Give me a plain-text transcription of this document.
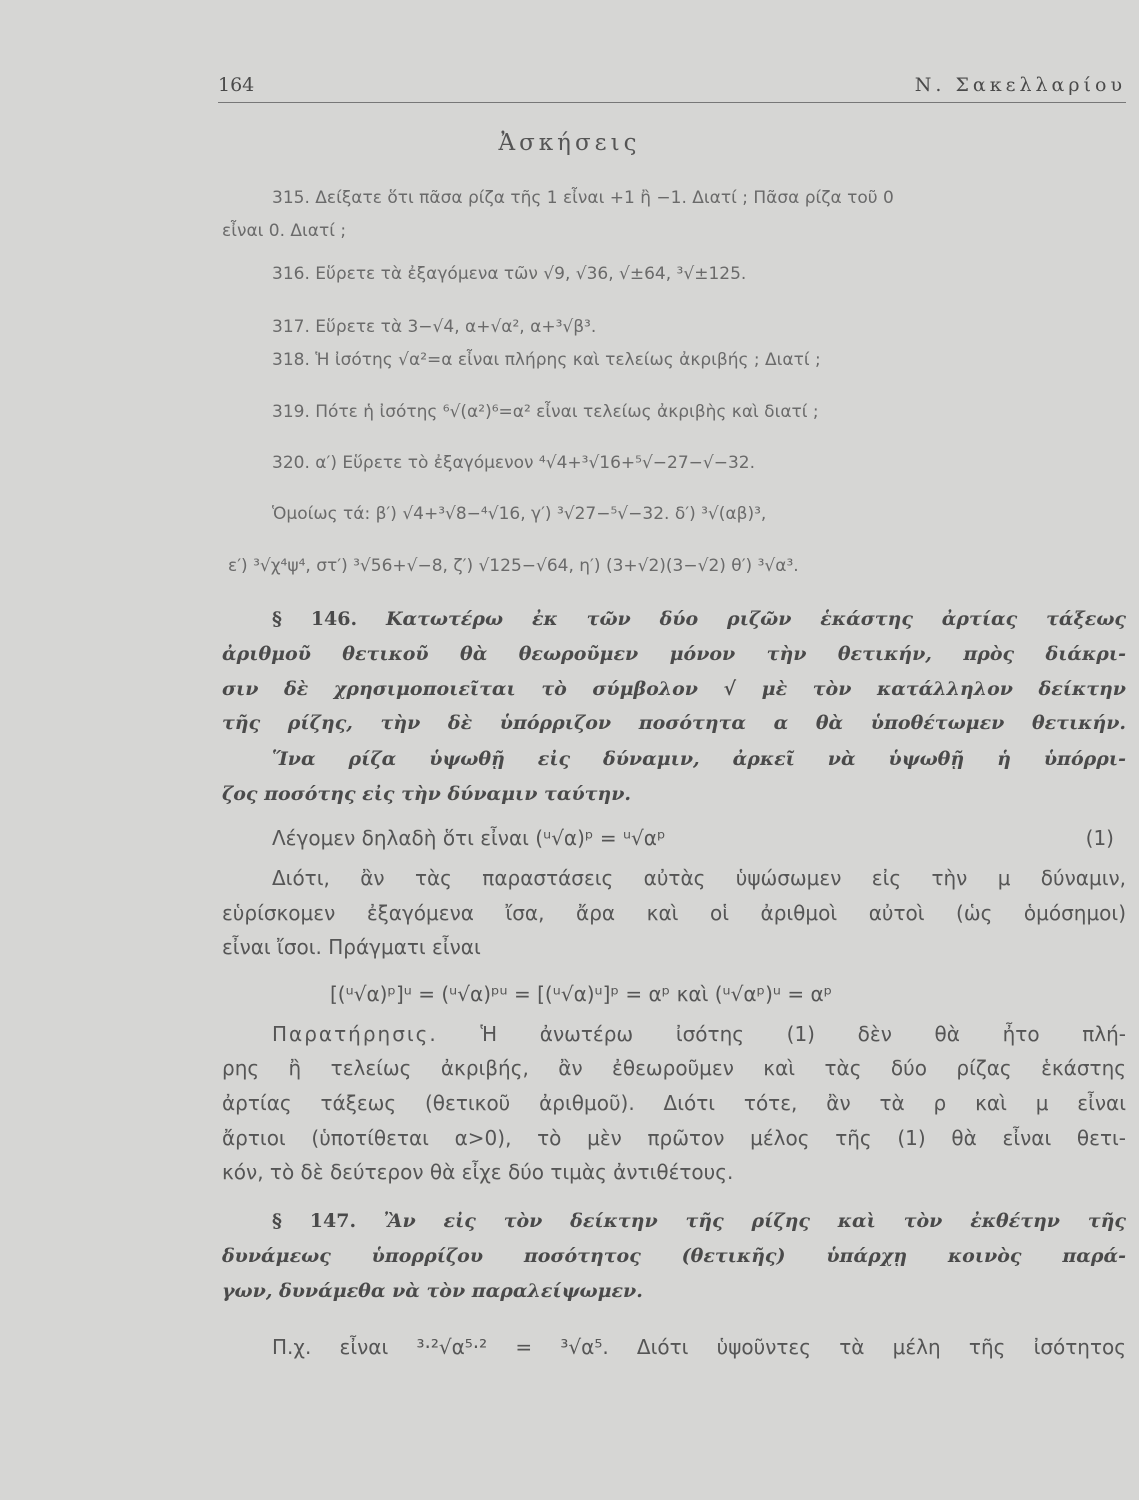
164	Ν. Σακελλαρίου
Ἀσκήσεις
315. Δείξατε ὅτι πᾶσα ρίζα τῆς 1 εἶναι +1 ἢ −1. Διατί ; Πᾶσα ρίζα τοῦ 0
εἶναι 0. Διατί ;
316. Εὕρετε τὰ ἐξαγόμενα τῶν √9, √36, √±64, ³√±125.
317. Εὕρετε τὰ 3−√4, α+√α², α+³√β³.
318. Ἡ ἰσότης √α²=α εἶναι πλήρης καὶ τελείως ἀκριβής ; Διατί ;
319. Πότε ἡ ἰσότης ⁶√(α²)⁶=α² εἶναι τελείως ἀκριβὴς καὶ διατί ;
320. α′) Εὕρετε τὸ ἐξαγόμενον ⁴√4+³√16+⁵√−27−√−32.
Ὁμοίως τά: β′) √4+³√8−⁴√16, γ′) ³√27−⁵√−32. δ′) ³√(αβ)³,
ε′) ³√χ⁴ψ⁴, στ′) ³√56+√−8, ζ′) √125−√64, η′) (3+√2)(3−√2) θ′) ³√α³.
§ 146. Κατωτέρω ἐκ τῶν δύο ριζῶν ἑκάστης ἀρτίας τάξεως
ἀριθμοῦ θετικοῦ θὰ θεωροῦμεν μόνον τὴν θετικήν, πρὸς διάκρι-
σιν δὲ χρησιμοποιεῖται τὸ σύμβολον √ μὲ τὸν κατάλληλον δείκτην
τῆς ρίζης, τὴν δὲ ὑπόρριζον ποσότητα α θὰ ὑποθέτωμεν θετικήν.
Ἵνα ρίζα ὑψωθῇ εἰς δύναμιν, ἀρκεῖ νὰ ὑψωθῇ ἡ ὑπόρρι-
ζος ποσότης εἰς τὴν δύναμιν ταύτην.
Λέγομεν δηλαδὴ ὅτι εἶναι (ᵘ√α)ᵖ = ᵘ√αᵖ	(1)
Διότι, ἂν τὰς παραστάσεις αὐτὰς ὑψώσωμεν εἰς τὴν μ δύναμιν,
εὑρίσκομεν ἐξαγόμενα ἴσα, ἄρα καὶ οἱ ἀριθμοὶ αὐτοὶ (ὡς ὁμόσημοι)
εἶναι ἴσοι. Πράγματι εἶναι
[(ᵘ√α)ᵖ]ᵘ = (ᵘ√α)ᵖᵘ = [(ᵘ√α)ᵘ]ᵖ = αᵖ καὶ (ᵘ√αᵖ)ᵘ = αᵖ
Παρατήρησις. Ἡ ἀνωτέρω ἰσότης (1) δὲν θὰ ἦτο πλή-
ρης ἢ τελείως ἀκριβής, ἂν ἐθεωροῦμεν καὶ τὰς δύο ρίζας ἑκάστης
ἀρτίας τάξεως (θετικοῦ ἀριθμοῦ). Διότι τότε, ἂν τὰ ρ καὶ μ εἶναι
ἄρτιοι (ὑποτίθεται α>0), τὸ μὲν πρῶτον μέλος τῆς (1) θὰ εἶναι θετι-
κόν, τὸ δὲ δεύτερον θὰ εἶχε δύο τιμὰς ἀντιθέτους.
§ 147. Ἂν εἰς τὸν δείκτην τῆς ρίζης καὶ τὸν ἐκθέτην τῆς
δυνάμεως ὑπορρίζου ποσότητος (θετικῆς) ὑπάρχῃ κοινὸς παρά-
γων, δυνάμεθα νὰ τὸν παραλείψωμεν.
Π.χ. εἶναι ³·²√α⁵·² = ³√α⁵. Διότι ὑψοῦντες τὰ μέλη τῆς ἰσότητος
